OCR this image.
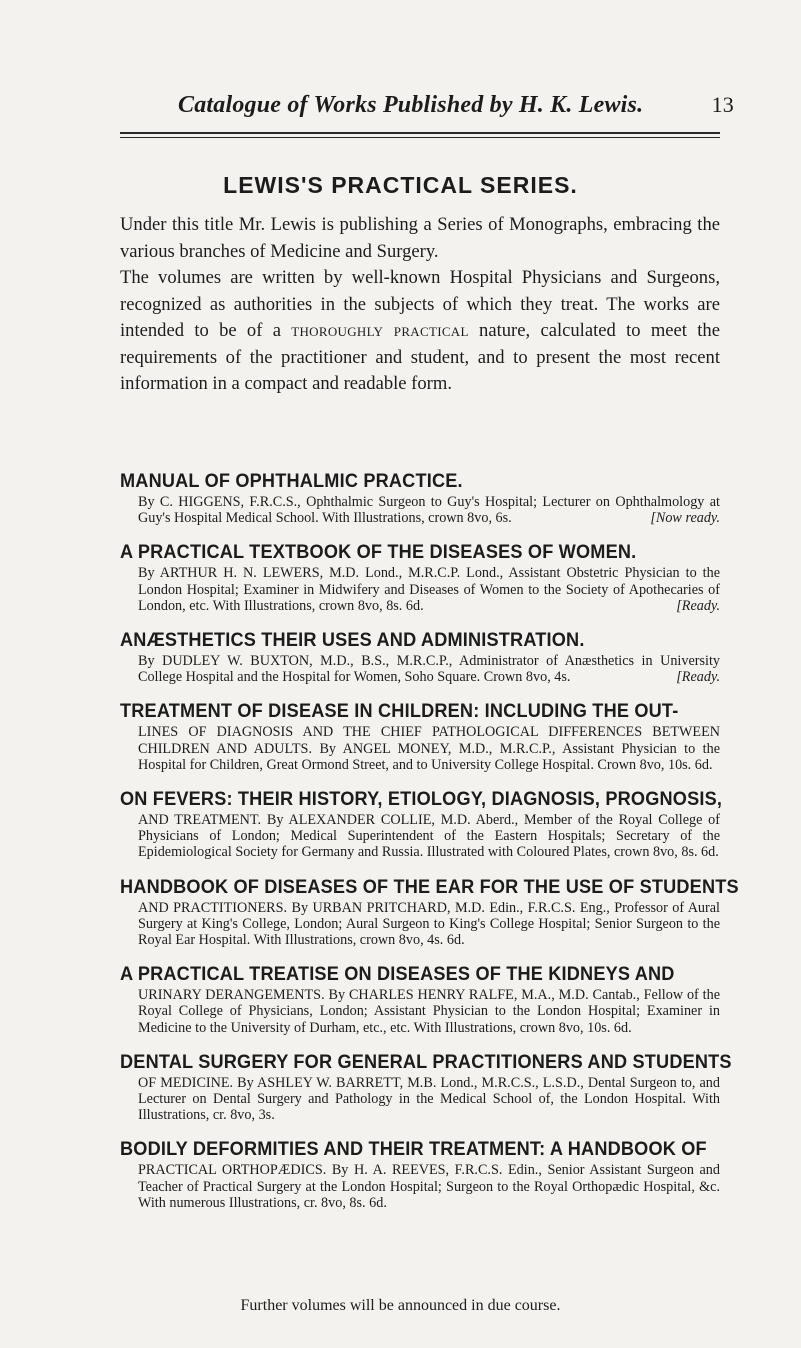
Catalogue of Works Published by H. K. Lewis.	13
LEWIS'S PRACTICAL SERIES.

Under this title Mr. Lewis is publishing a Series of Monographs, embracing the various branches of Medicine and Surgery.

The volumes are written by well-known Hospital Physicians and Surgeons, recognized as authorities in the subjects of which they treat. The works are intended to be of a thoroughly practical nature, calculated to meet the requirements of the practitioner and student, and to present the most recent information in a compact and readable form.

MANUAL OF OPHTHALMIC PRACTICE.
By C. HIGGENS, F.R.C.S., Ophthalmic Surgeon to Guy's Hospital; Lecturer on Ophthalmology at Guy's Hospital Medical School. With Illustrations, crown 8vo, 6s.	[Now ready.
A PRACTICAL TEXTBOOK OF THE DISEASES OF WOMEN.
By ARTHUR H. N. LEWERS, M.D. Lond., M.R.C.P. Lond., Assistant Obstetric Physician to the London Hospital; Examiner in Midwifery and Diseases of Women to the Society of Apothecaries of London, etc. With Illustrations, crown 8vo, 8s. 6d.	[Ready.
ANÆSTHETICS THEIR USES AND ADMINISTRATION.
By DUDLEY W. BUXTON, M.D., B.S., M.R.C.P., Administrator of Anæsthetics in University College Hospital and the Hospital for Women, Soho Square. Crown 8vo, 4s.	[Ready.
TREATMENT OF DISEASE IN CHILDREN: INCLUDING THE OUT-
LINES OF DIAGNOSIS AND THE CHIEF PATHOLOGICAL DIFFERENCES BETWEEN CHILDREN AND ADULTS. By ANGEL MONEY, M.D., M.R.C.P., Assistant Physician to the Hospital for Children, Great Ormond Street, and to University College Hospital. Crown 8vo, 10s. 6d.
ON FEVERS: THEIR HISTORY, ETIOLOGY, DIAGNOSIS, PROGNOSIS,
AND TREATMENT. By ALEXANDER COLLIE, M.D. Aberd., Member of the Royal College of Physicians of London; Medical Superintendent of the Eastern Hospitals; Secretary of the Epidemiological Society for Germany and Russia. Illustrated with Coloured Plates, crown 8vo, 8s. 6d.
HANDBOOK OF DISEASES OF THE EAR FOR THE USE OF STUDENTS
AND PRACTITIONERS. By URBAN PRITCHARD, M.D. Edin., F.R.C.S. Eng., Professor of Aural Surgery at King's College, London; Aural Surgeon to King's College Hospital; Senior Surgeon to the Royal Ear Hospital. With Illustrations, crown 8vo, 4s. 6d.
A PRACTICAL TREATISE ON DISEASES OF THE KIDNEYS AND
URINARY DERANGEMENTS. By CHARLES HENRY RALFE, M.A., M.D. Cantab., Fellow of the Royal College of Physicians, London; Assistant Physician to the London Hospital; Examiner in Medicine to the University of Durham, etc., etc. With Illustrations, crown 8vo, 10s. 6d.
DENTAL SURGERY FOR GENERAL PRACTITIONERS AND STUDENTS
OF MEDICINE. By ASHLEY W. BARRETT, M.B. Lond., M.R.C.S., L.S.D., Dental Surgeon to, and Lecturer on Dental Surgery and Pathology in the Medical School of, the London Hospital. With Illustrations, cr. 8vo, 3s.
BODILY DEFORMITIES AND THEIR TREATMENT: A HANDBOOK OF
PRACTICAL ORTHOPÆDICS. By H. A. REEVES, F.R.C.S. Edin., Senior Assistant Surgeon and Teacher of Practical Surgery at the London Hospital; Surgeon to the Royal Orthopædic Hospital, &c. With numerous Illustrations, cr. 8vo, 8s. 6d.
Further volumes will be announced in due course.
